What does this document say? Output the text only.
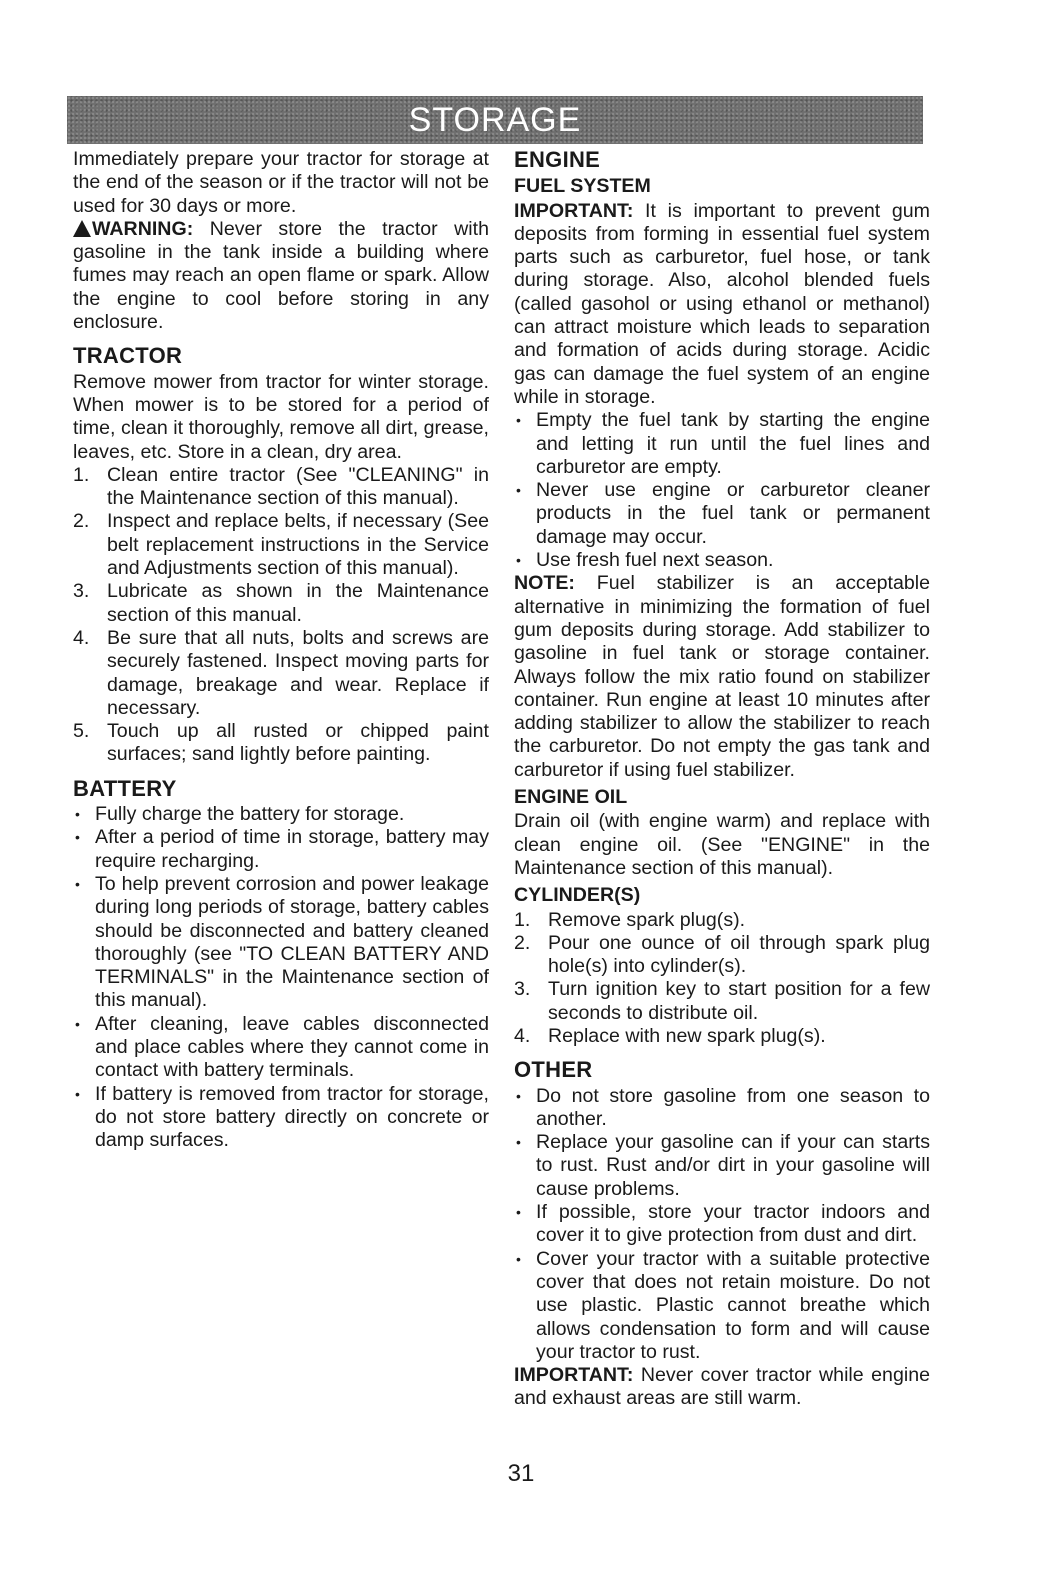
STORAGE

Immediately prepare your tractor for storage at the end of the season or if the tractor will not be used for 30 days or more.

WARNING: Never store the tractor with gasoline in the tank inside a building where fumes may reach an open flame or spark. Allow the engine to cool before storing in any enclosure.

TRACTOR

Remove mower from tractor for winter storage. When mower is to be stored for a period of time, clean it thoroughly, remove all dirt, grease, leaves, etc. Store in a clean, dry area.

1. Clean entire tractor (See "CLEANING" in the Maintenance section of this manual).
2. Inspect and replace belts, if necessary (See belt replacement instructions in the Service and Adjustments section of this manual).
3. Lubricate as shown in the Maintenance section of this manual.
4. Be sure that all nuts, bolts and screws are securely fastened. Inspect moving parts for damage, breakage and wear. Replace if necessary.
5. Touch up all rusted or chipped paint surfaces; sand lightly before painting.
BATTERY
• Fully charge the battery for storage.
• After a period of time in storage, battery may require recharging.
• To help prevent corrosion and power leakage during long periods of storage, battery cables should be disconnected and battery cleaned thoroughly (see "TO CLEAN BATTERY AND TERMINALS" in the Maintenance section of this manual).
• After cleaning, leave cables disconnected and place cables where they cannot come in contact with battery terminals.
• If battery is removed from tractor for storage, do not store battery directly on concrete or damp surfaces.
ENGINE
FUEL SYSTEM

IMPORTANT: It is important to prevent gum deposits from forming in essential fuel system parts such as carburetor, fuel hose, or tank during storage. Also, alcohol blended fuels (called gasohol or using ethanol or methanol) can attract moisture which leads to separation and formation of acids during storage. Acidic gas can damage the fuel system of an engine while in storage.

• Empty the fuel tank by starting the engine and letting it run until the fuel lines and carburetor are empty.
• Never use engine or carburetor cleaner products in the fuel tank or permanent damage may occur.
• Use fresh fuel next season.

NOTE: Fuel stabilizer is an acceptable alternative in minimizing the formation of fuel gum deposits during storage. Add stabilizer to gasoline in fuel tank or storage container. Always follow the mix ratio found on stabilizer container. Run engine at least 10 minutes after adding stabilizer to allow the stabilizer to reach the carburetor. Do not empty the gas tank and carburetor if using fuel stabilizer.

ENGINE OIL

Drain oil (with engine warm) and replace with clean engine oil. (See "ENGINE" in the Maintenance section of this manual).

CYLINDER(S)
1. Remove spark plug(s).
2. Pour one ounce of oil through spark plug hole(s) into cylinder(s).
3. Turn ignition key to start position for a few seconds to distribute oil.
4. Replace with new spark plug(s).
OTHER
• Do not store gasoline from one season to another.
• Replace your gasoline can if your can starts to rust. Rust and/or dirt in your gasoline will cause problems.
• If possible, store your tractor indoors and cover it to give protection from dust and dirt.
• Cover your tractor with a suitable protective cover that does not retain moisture. Do not use plastic. Plastic cannot breathe which allows condensation to form and will cause your tractor to rust.

IMPORTANT: Never cover tractor while engine and exhaust areas are still warm.

31
